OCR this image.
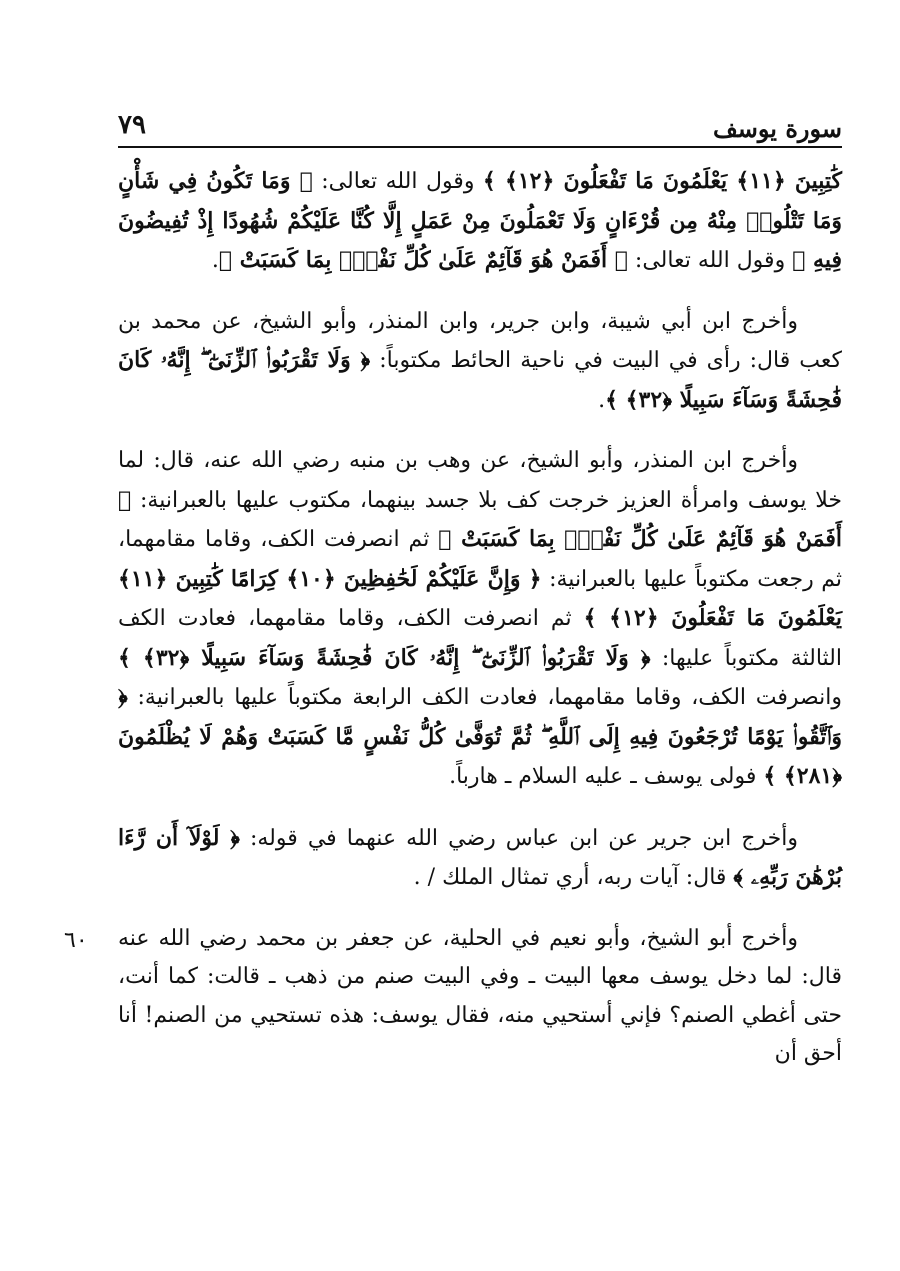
سورة يوسف
٧٩
٦٠

كَٰتِبِينَ ﴿١١﴾ يَعْلَمُونَ مَا تَفْعَلُونَ ﴿١٢﴾ ﴾ وقول الله تعالى: ﴿ وَمَا تَكُونُ فِي شَأْنٍ وَمَا تَتْلُوا۟ مِنْهُ مِن قُرْءَانٍ وَلَا تَعْمَلُونَ مِنْ عَمَلٍ إِلَّا كُنَّا عَلَيْكُمْ شُهُودًا إِذْ تُفِيضُونَ فِيهِ ﴾ وقول الله تعالى: ﴿ أَفَمَنْ هُوَ قَآئِمٌ عَلَىٰ كُلِّ نَفْسٍۭ بِمَا كَسَبَتْ ﴾.

وأخرج ابن أبي شيبة، وابن جرير، وابن المنذر، وأبو الشيخ، عن محمد بن كعب قال: رأى في البيت في ناحية الحائط مكتوباً: ﴿ وَلَا تَقْرَبُوا۟ ٱلزِّنَىٰٓ ۖ إِنَّهُۥ كَانَ فَٰحِشَةً وَسَآءَ سَبِيلًا ﴿٣٢﴾ ﴾.

وأخرج ابن المنذر، وأبو الشيخ، عن وهب بن منبه رضي الله عنه، قال: لما خلا يوسف وامرأة العزيز خرجت كف بلا جسد بينهما، مكتوب عليها بالعبرانية: ﴿ أَفَمَنْ هُوَ قَآئِمٌ عَلَىٰ كُلِّ نَفْسٍۭ بِمَا كَسَبَتْ ﴾ ثم انصرفت الكف، وقاما مقامهما، ثم رجعت مكتوباً عليها بالعبرانية: ﴿ وَإِنَّ عَلَيْكُمْ لَحَٰفِظِينَ ﴿١٠﴾ كِرَامًا كَٰتِبِينَ ﴿١١﴾ يَعْلَمُونَ مَا تَفْعَلُونَ ﴿١٢﴾ ﴾ ثم انصرفت الكف، وقاما مقامهما، فعادت الكف الثالثة مكتوباً عليها: ﴿ وَلَا تَقْرَبُوا۟ ٱلزِّنَىٰٓ ۖ إِنَّهُۥ كَانَ فَٰحِشَةً وَسَآءَ سَبِيلًا ﴿٣٢﴾ ﴾ وانصرفت الكف، وقاما مقامهما، فعادت الكف الرابعة مكتوباً عليها بالعبرانية: ﴿ وَٱتَّقُوا۟ يَوْمًا تُرْجَعُونَ فِيهِ إِلَى ٱللَّهِ ۖ ثُمَّ تُوَفَّىٰ كُلُّ نَفْسٍ مَّا كَسَبَتْ وَهُمْ لَا يُظْلَمُونَ ﴿٢٨١﴾ ﴾ فولى يوسف ـ عليه السلام ـ هارباً.

وأخرج ابن جرير عن ابن عباس رضي الله عنهما في قوله: ﴿ لَوْلَآ أَن رَّءَا بُرْهَٰنَ رَبِّهِۦ ﴾ قال: آيات ربه، أري تمثال الملك / .

وأخرج أبو الشيخ، وأبو نعيم في الحلية، عن جعفر بن محمد رضي الله عنه قال: لما دخل يوسف معها البيت ـ وفي البيت صنم من ذهب ـ قالت: كما أنت، حتى أغطي الصنم؟ فإني أستحيي منه، فقال يوسف: هذه تستحيي من الصنم! أنا أحق أن
